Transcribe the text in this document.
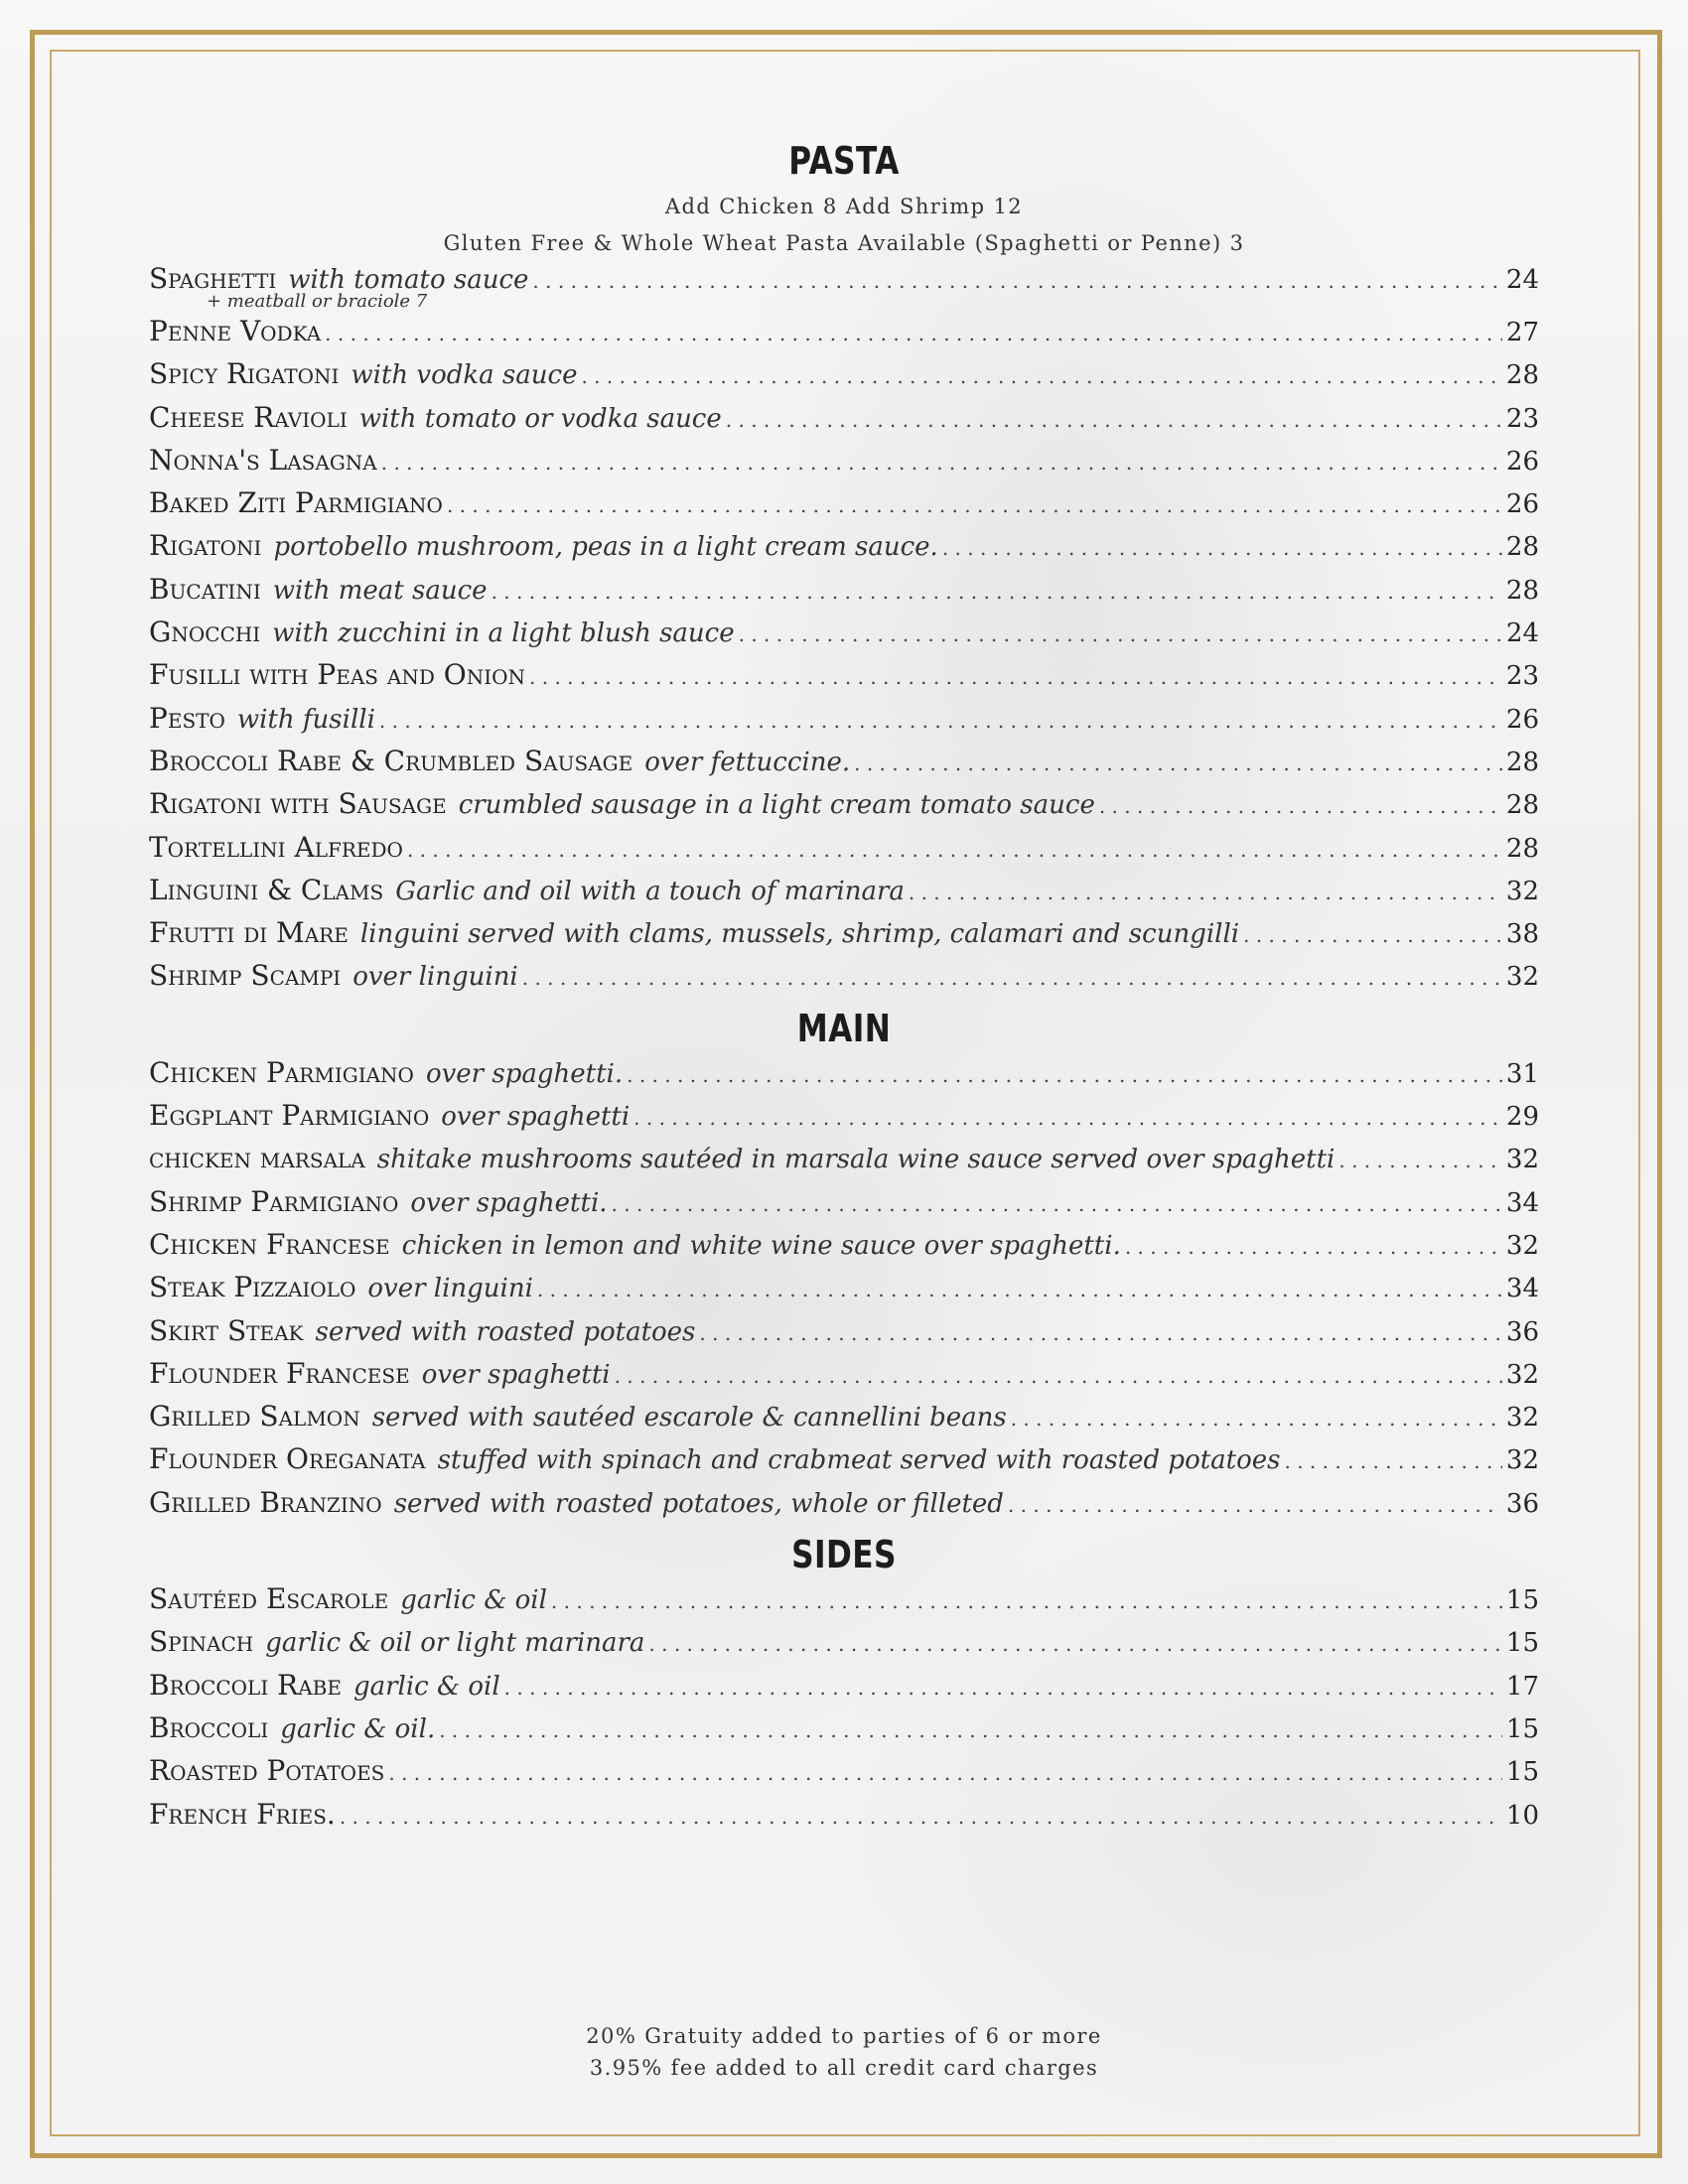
PASTA
Add Chicken 8 Add Shrimp 12
Gluten Free & Whole Wheat Pasta Available (Spaghetti or Penne) 3
Spaghetti with tomato sauce . . .	24
+ meatball or braciole 7
Penne Vodka . . .	27
Spicy Rigatoni with vodka sauce . . .	28
Cheese Ravioli with tomato or vodka sauce . . .	23
Nonna's Lasagna . . .	26
Baked Ziti Parmigiano . . .	26
Rigatoni portobello mushroom, peas in a light cream sauce. . . .	28
Bucatini with meat sauce . . .	28
Gnocchi with zucchini in a light blush sauce . . .	24
Fusilli with Peas and Onion . . .	23
Pesto with fusilli . . .	26
Broccoli Rabe & Crumbled Sausage over fettuccine. . . .	28
Rigatoni with Sausage crumbled sausage in a light cream tomato sauce . . .	28
Tortellini Alfredo . . .	28
Linguini & Clams Garlic and oil with a touch of marinara . . .	32
Frutti di Mare linguini served with clams, mussels, shrimp, calamari and scungilli . . .	38
Shrimp Scampi over linguini . . .	32
MAIN
Chicken Parmigiano over spaghetti. . . .	31
Eggplant Parmigiano over spaghetti . . .	29
chicken marsala shitake mushrooms sautéed in marsala wine sauce served over spaghetti . . .	32
Shrimp Parmigiano over spaghetti. . . .	34
Chicken Francese chicken in lemon and white wine sauce over spaghetti. . . .	32
Steak Pizzaiolo over linguini . . .	34
Skirt Steak served with roasted potatoes . . .	36
Flounder Francese over spaghetti . . .	32
Grilled Salmon served with sautéed escarole & cannellini beans . . .	32
Flounder Oreganata stuffed with spinach and crabmeat served with roasted potatoes . . .	32
Grilled Branzino served with roasted potatoes, whole or filleted . . .	36
SIDES
Sautéed Escarole garlic & oil . . .	15
Spinach garlic & oil or light marinara . . .	15
Broccoli Rabe garlic & oil . . .	17
Broccoli garlic & oil. . . .	15
Roasted Potatoes . . .	15
French Fries. . . .	10
20% Gratuity added to parties of 6 or more
3.95% fee added to all credit card charges
